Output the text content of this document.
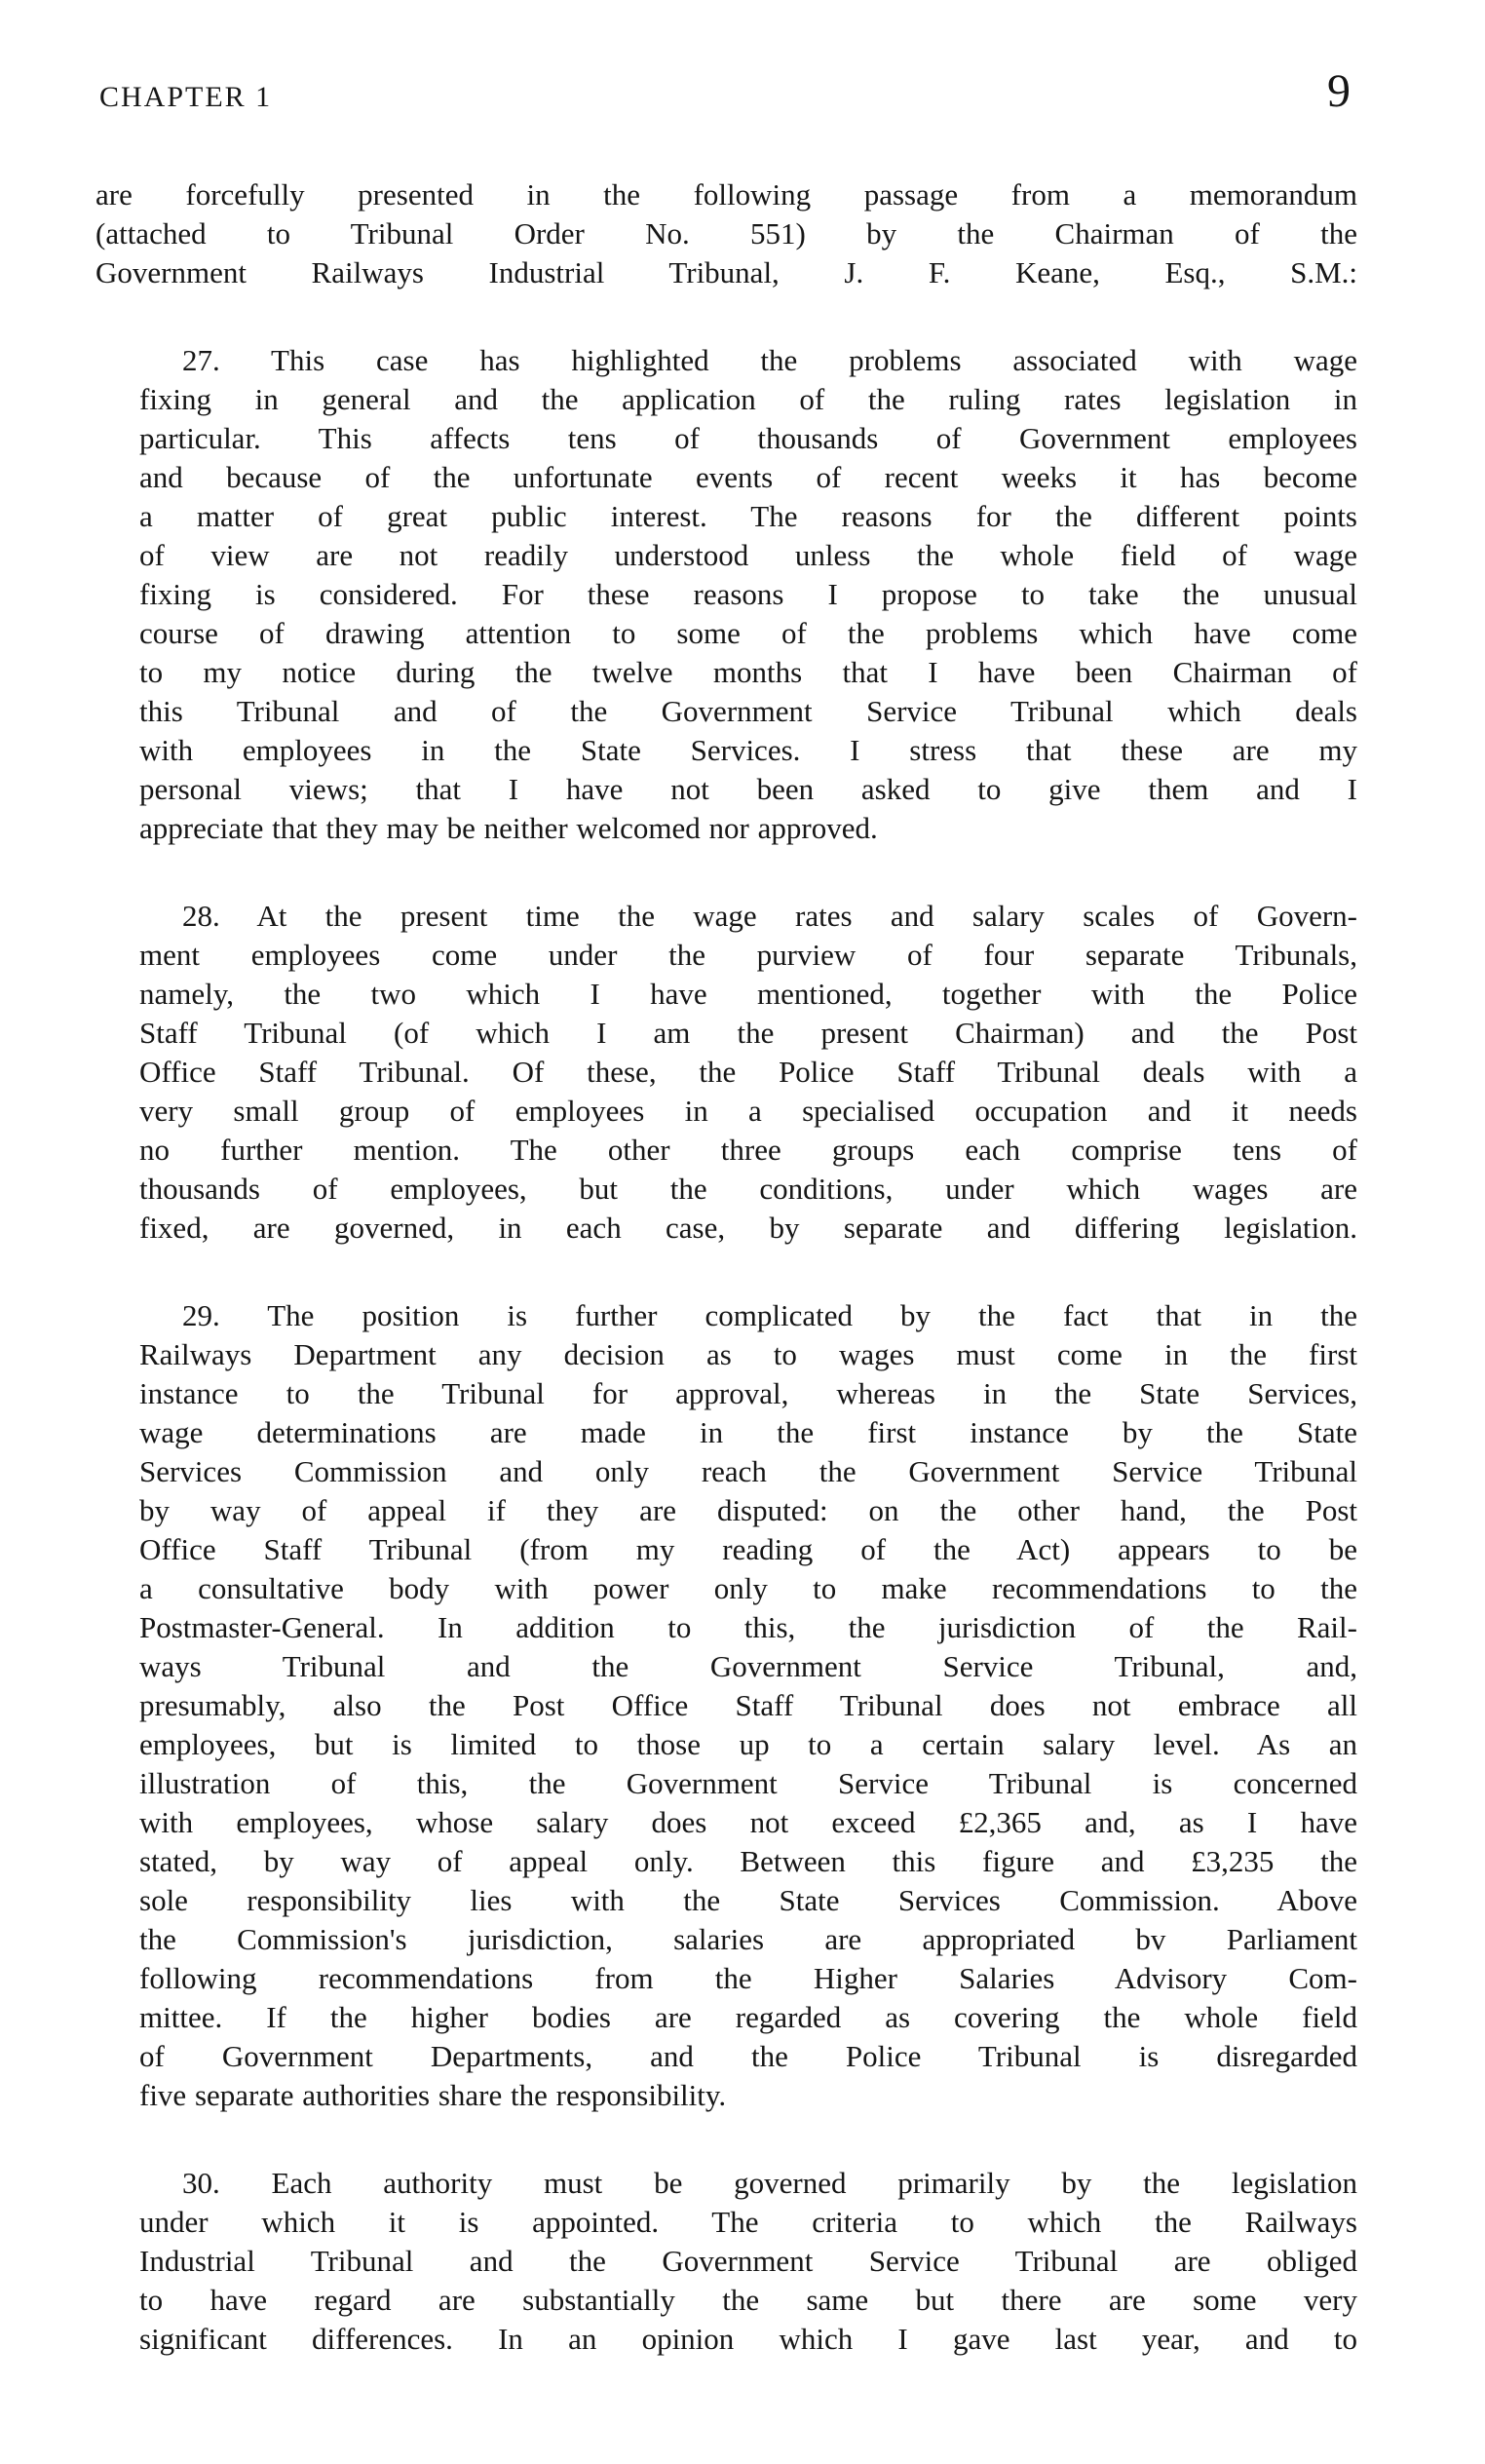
CHAPTER 1	9
are forcefully presented in the following passage from a memorandum
(attached to Tribunal Order No. 551) by the Chairman of the
Government Railways Industrial Tribunal, J. F. Keane, Esq., S.M.:
27. This case has highlighted the problems associated with wage
fixing in general and the application of the ruling rates legislation in
particular. This affects tens of thousands of Government employees
and because of the unfortunate events of recent weeks it has become
a matter of great public interest. The reasons for the different points
of view are not readily understood unless the whole field of wage
fixing is considered. For these reasons I propose to take the unusual
course of drawing attention to some of the problems which have come
to my notice during the twelve months that I have been Chairman of
this Tribunal and of the Government Service Tribunal which deals
with employees in the State Services. I stress that these are my
personal views; that I have not been asked to give them and I
appreciate that they may be neither welcomed nor approved.
28. At the present time the wage rates and salary scales of Govern-
ment employees come under the purview of four separate Tribunals,
namely, the two which I have mentioned, together with the Police
Staff Tribunal (of which I am the present Chairman) and the Post
Office Staff Tribunal. Of these, the Police Staff Tribunal deals with a
very small group of employees in a specialised occupation and it needs
no further mention. The other three groups each comprise tens of
thousands of employees, but the conditions, under which wages are
fixed, are governed, in each case, by separate and differing legislation.
29. The position is further complicated by the fact that in the
Railways Department any decision as to wages must come in the first
instance to the Tribunal for approval, whereas in the State Services,
wage determinations are made in the first instance by the State
Services Commission and only reach the Government Service Tribunal
by way of appeal if they are disputed: on the other hand, the Post
Office Staff Tribunal (from my reading of the Act) appears to be
a consultative body with power only to make recommendations to the
Postmaster-General. In addition to this, the jurisdiction of the Rail-
ways Tribunal and the Government Service Tribunal, and,
presumably, also the Post Office Staff Tribunal does not embrace all
employees, but is limited to those up to a certain salary level. As an
illustration of this, the Government Service Tribunal is concerned
with employees, whose salary does not exceed £2,365 and, as I have
stated, by way of appeal only. Between this figure and £3,235 the
sole responsibility lies with the State Services Commission. Above
the Commission's jurisdiction, salaries are appropriated bv Parliament
following recommendations from the Higher Salaries Advisory Com-
mittee. If the higher bodies are regarded as covering the whole field
of Government Departments, and the Police Tribunal is disregarded
five separate authorities share the responsibility.
30. Each authority must be governed primarily by the legislation
under which it is appointed. The criteria to which the Railways
Industrial Tribunal and the Government Service Tribunal are obliged
to have regard are substantially the same but there are some very
significant differences. In an opinion which I gave last year, and to
